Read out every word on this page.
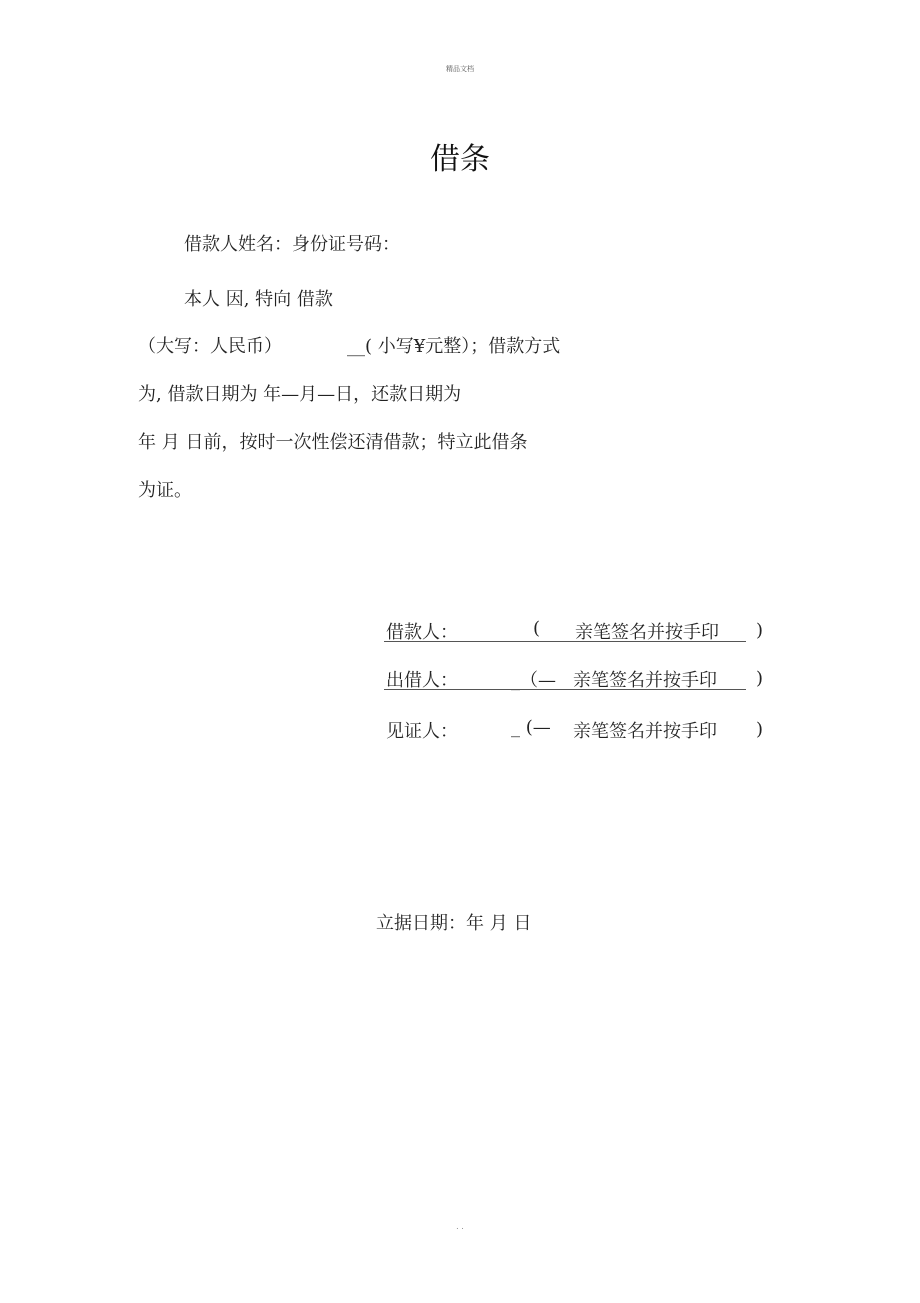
精品文档
借条
借款人姓名：身份证号码：
本人 因, 特向 借款
（大写：人民币）	__( 小写¥元整）；借款方式
为, 借款日期为 年—月—日，还款日期为
年 月 日前，按时一次性偿还清借款；特立此借条
为证。
借款人：	( 亲笔签名并按手印 )
出借人：	_（— 亲笔签名并按手印 )
见证人：	_ (— 亲笔签名并按手印 )
立据日期：年 月 日
. .
